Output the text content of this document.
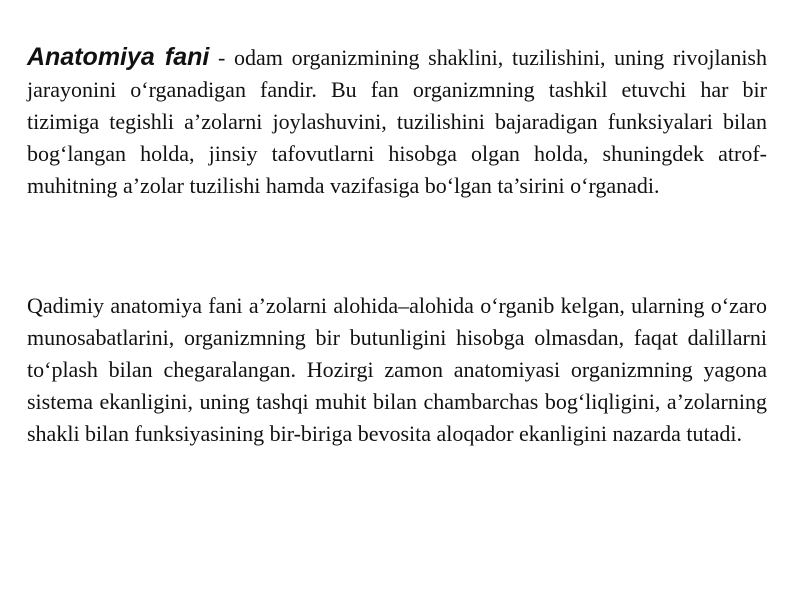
Anatomiya fani - odam organizmining shaklini, tuzilishini, uning rivojlanish jarayonini o‘rganadigan fandir. Bu fan organizmning tashkil etuvchi har bir tizimiga tegishli a’zolarni joylashuvini, tuzilishini bajaradigan funksiyalari bilan bog‘langan holda, jinsiy tafovutlarni hisobga olgan holda, shuningdek atrof-muhitning a’zolar tuzilishi hamda vazifasiga bo‘lgan ta’sirini o‘rganadi.

Qadimiy anatomiya fani a’zolarni alohida–alohida o‘rganib kelgan, ularning o‘zaro munosabatlarini, organizmning bir butunligini hisobga olmasdan, faqat dalillarni to‘plash bilan chegaralangan. Hozirgi zamon anatomiyasi organizmning yagona sistema ekanligini, uning tashqi muhit bilan chambarchas bog‘liqligini, a’zolarning shakli bilan funksiyasining bir-biriga bevosita aloqador ekanligini nazarda tutadi.
